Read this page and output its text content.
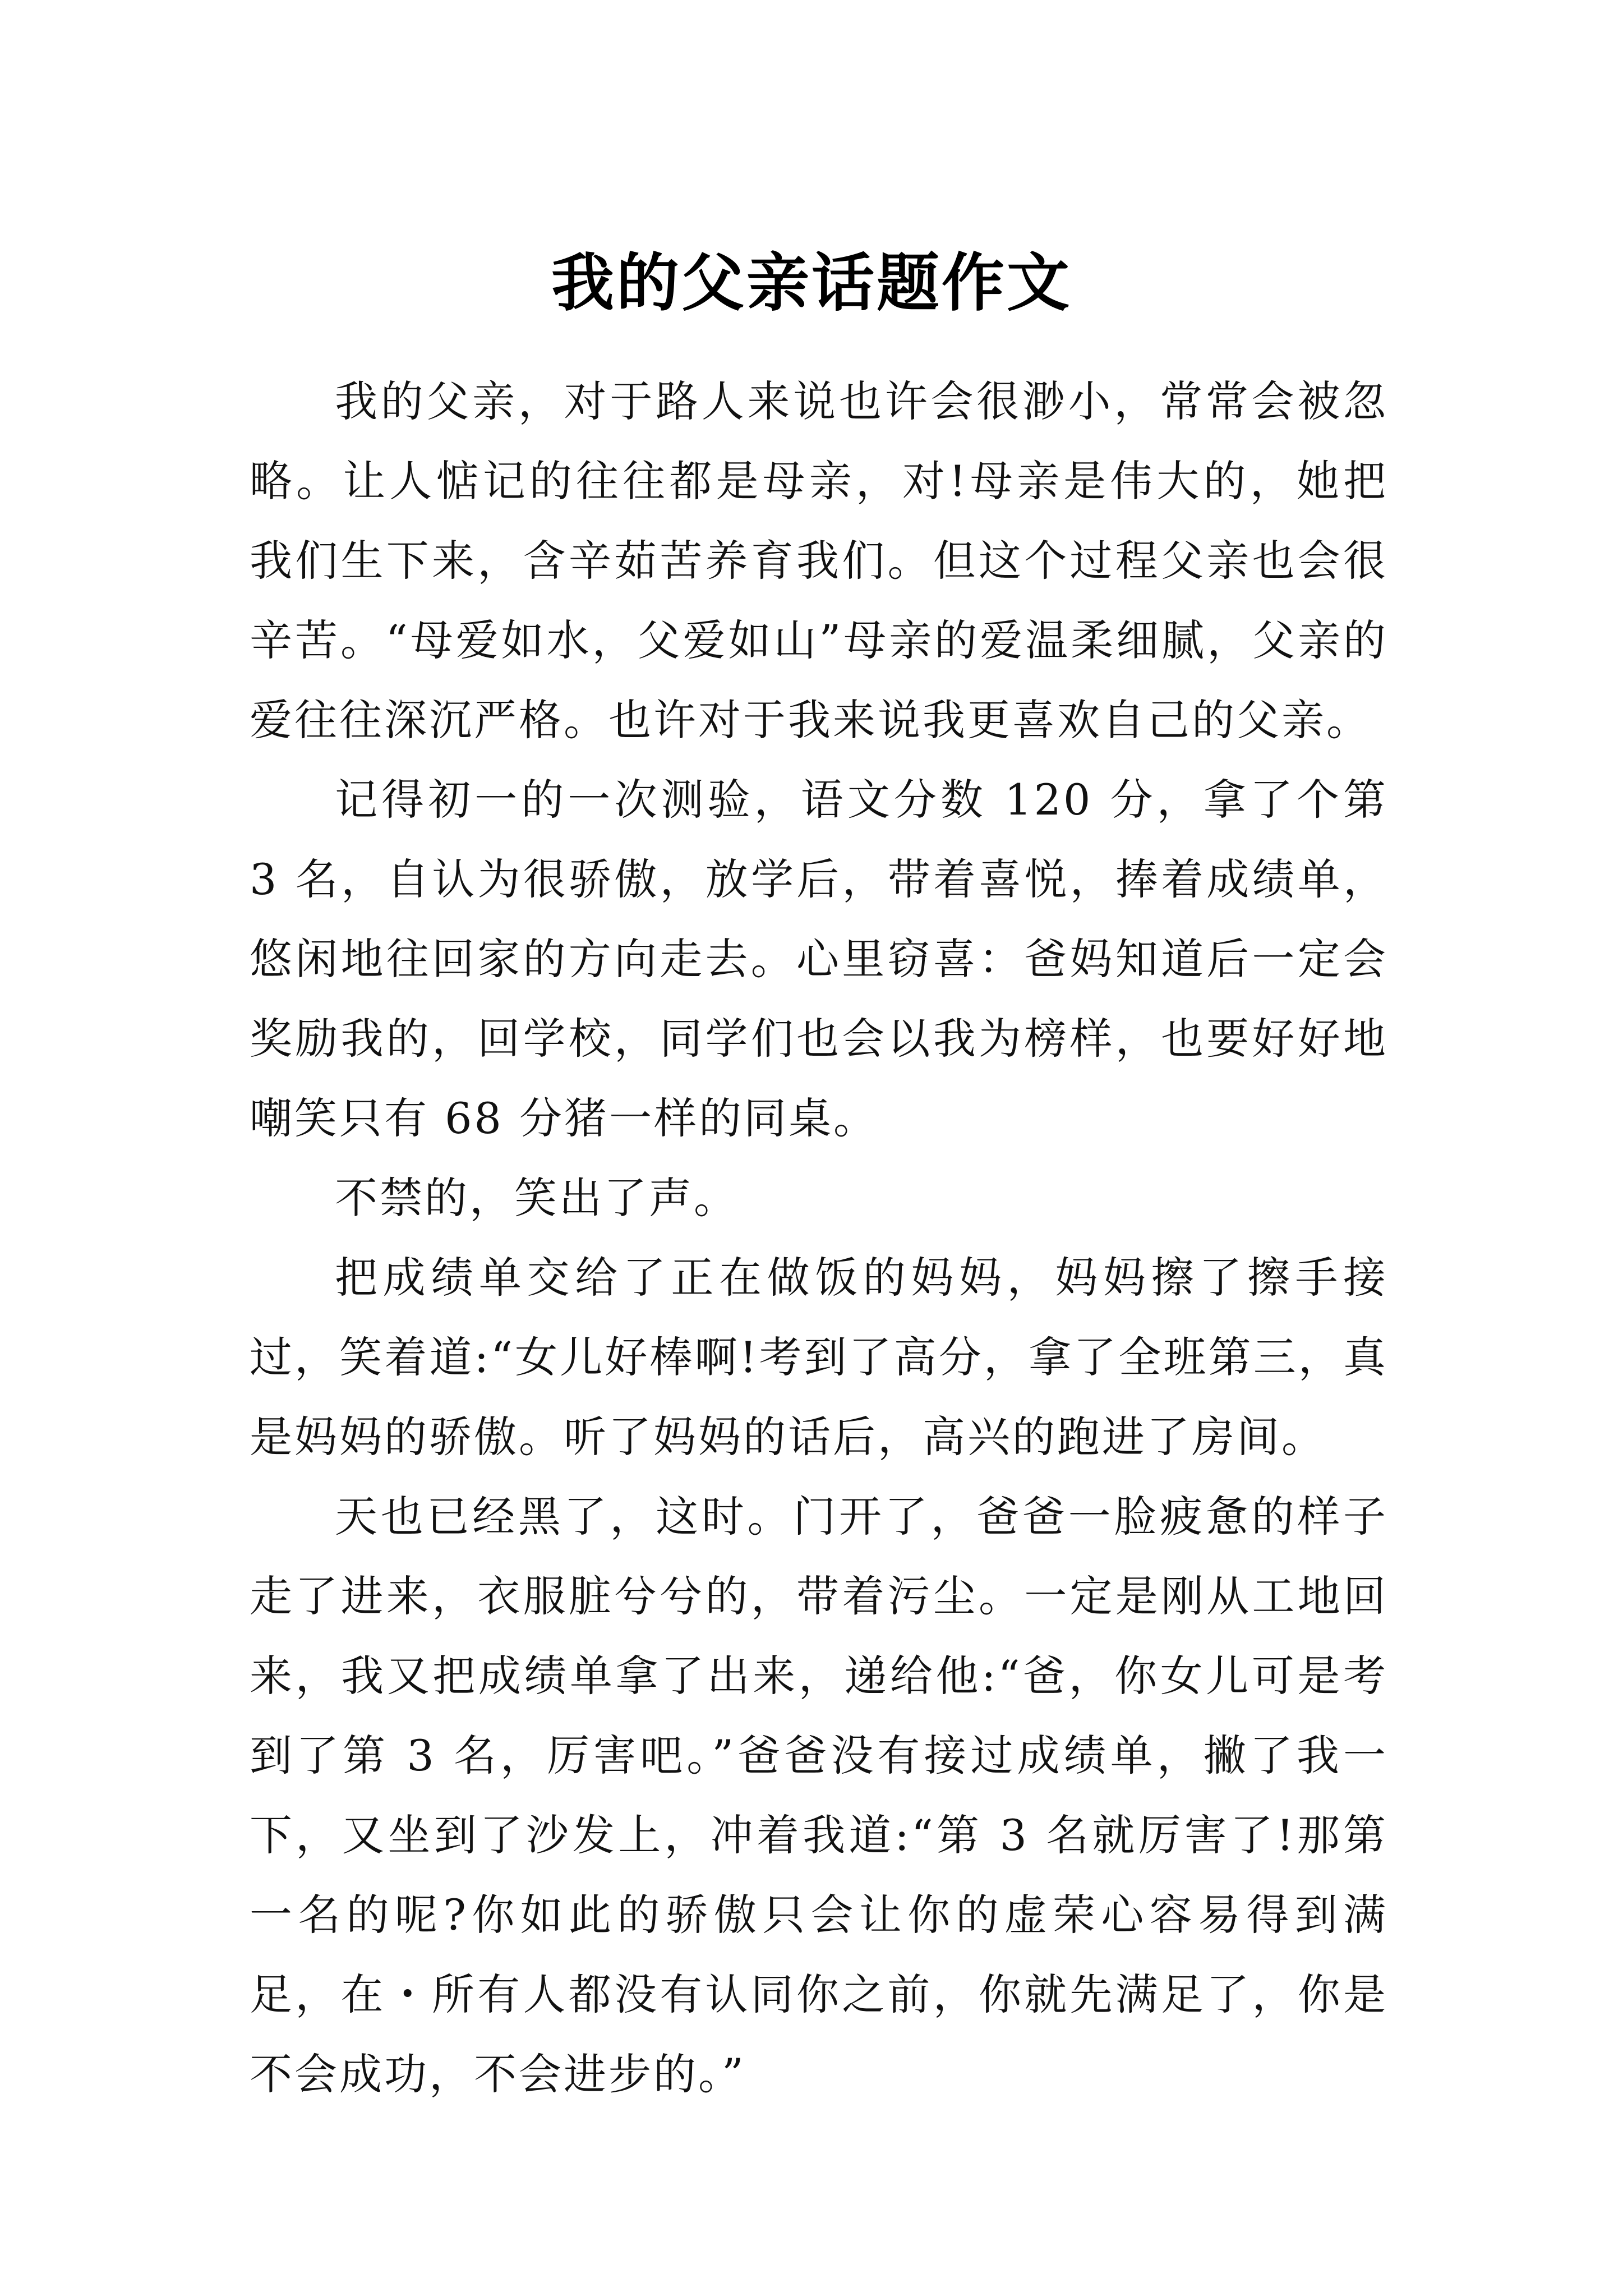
我的父亲话题作文

我的父亲，对于路人来说也许会很渺小，常常会被忽略。让人惦记的往往都是母亲，对!母亲是伟大的，她把我们生下来，含辛茹苦养育我们。但这个过程父亲也会很辛苦。“母爱如水，父爱如山”母亲的爱温柔细腻，父亲的爱往往深沉严格。也许对于我来说我更喜欢自己的父亲。

记得初一的一次测验，语文分数 120 分，拿了个第 3 名，自认为很骄傲，放学后，带着喜悦，捧着成绩单，悠闲地往回家的方向走去。心里窃喜：爸妈知道后一定会奖励我的，回学校，同学们也会以我为榜样，也要好好地嘲笑只有 68 分猪一样的同桌。

不禁的，笑出了声。

把成绩单交给了正在做饭的妈妈，妈妈擦了擦手接过，笑着道:“女儿好棒啊!考到了高分，拿了全班第三，真是妈妈的骄傲。听了妈妈的话后，高兴的跑进了房间。

天也已经黑了，这时。门开了，爸爸一脸疲惫的样子走了进来，衣服脏兮兮的，带着污尘。一定是刚从工地回来，我又把成绩单拿了出来，递给他:“爸，你女儿可是考到了第 3 名，厉害吧。”爸爸没有接过成绩单，撇了我一下，又坐到了沙发上，冲着我道:“第 3 名就厉害了!那第一名的呢?你如此的骄傲只会让你的虚荣心容易得到满足，在・所有人都没有认同你之前，你就先满足了，你是不会成功，不会进步的。”
